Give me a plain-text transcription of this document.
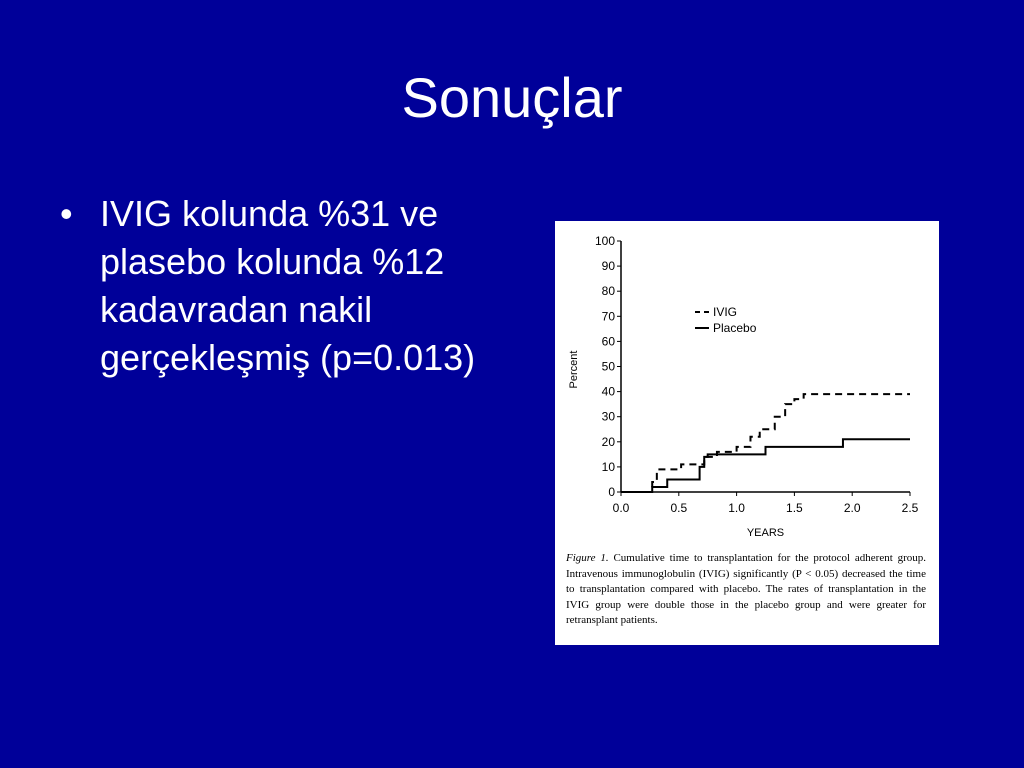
Sonuçlar
• IVIG kolunda %31 ve plasebo kolunda %12 kadavradan nakil gerçekleşmiş (p=0.013)
0
10
20
30
40
50
60
70
80
90
100
0.0	0.5	1.0	1.5	2.0	2.5
YEARS
Percent
IVIG
Placebo

Figure 1. Cumulative time to transplantation for the protocol adherent group. Intravenous immunoglobulin (IVIG) significantly (P < 0.05) decreased the time to transplantation compared with placebo. The rates of transplantation in the IVIG group were double those in the placebo group and were greater for retransplant patients.
